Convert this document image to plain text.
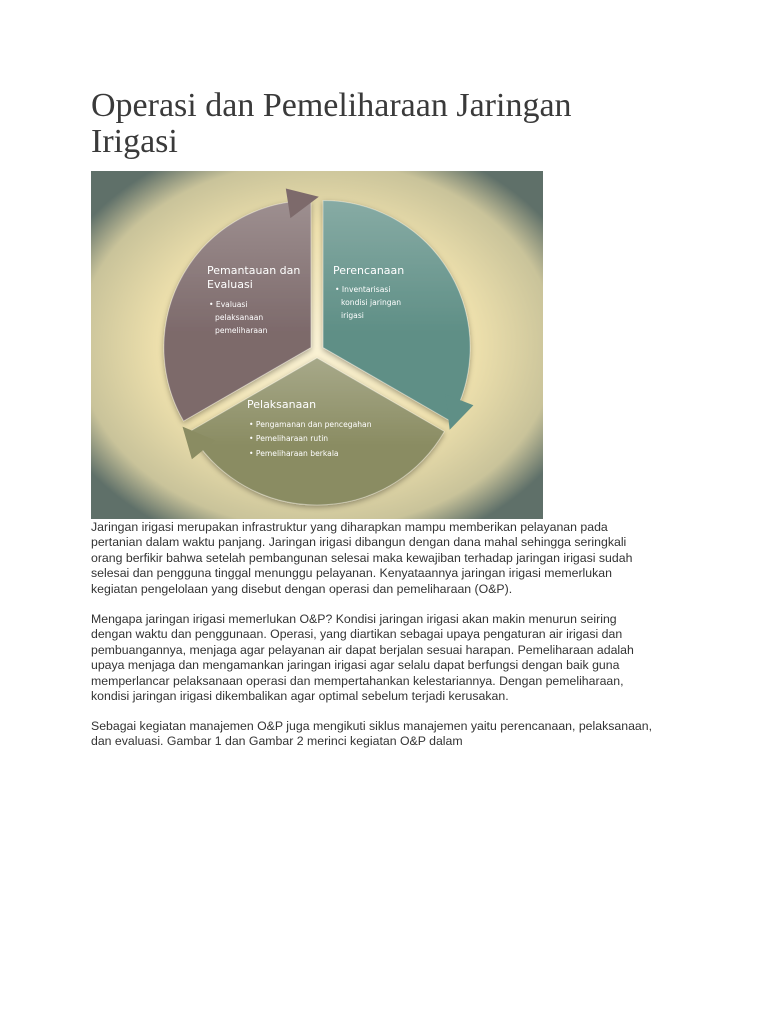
Operasi dan Pemeliharaan Jaringan
Irigasi
Pemantauan dan
Evaluasi
• Evaluasi
pelaksanaan
pemeliharaan
Perencanaan
• Inventarisasi
kondisi jaringan
irigasi
Pelaksanaan
• Pengamanan dan pencegahan
• Pemeliharaan rutin
• Pemeliharaan berkala

Jaringan irigasi merupakan infrastruktur yang diharapkan mampu memberikan pelayanan pada pertanian dalam waktu panjang. Jaringan irigasi dibangun dengan dana mahal sehingga seringkali orang berfikir bahwa setelah pembangunan selesai maka kewajiban terhadap jaringan irigasi sudah selesai dan pengguna tinggal menunggu pelayanan. Kenyataannya jaringan irigasi memerlukan kegiatan pengelolaan yang disebut dengan operasi dan pemeliharaan (O&P).

Mengapa jaringan irigasi memerlukan O&P? Kondisi jaringan irigasi akan makin menurun seiring dengan waktu dan penggunaan. Operasi, yang diartikan sebagai upaya pengaturan air irigasi dan pembuangannya, menjaga agar pelayanan air dapat berjalan sesuai harapan. Pemeliharaan adalah upaya menjaga dan mengamankan jaringan irigasi agar selalu dapat berfungsi dengan baik guna memperlancar pelaksanaan operasi dan mempertahankan kelestariannya. Dengan pemeliharaan, kondisi jaringan irigasi dikembalikan agar optimal sebelum terjadi kerusakan.

Sebagai kegiatan manajemen O&P juga mengikuti siklus manajemen yaitu perencanaan, pelaksanaan, dan evaluasi. Gambar 1 dan Gambar 2 merinci kegiatan O&P dalam
